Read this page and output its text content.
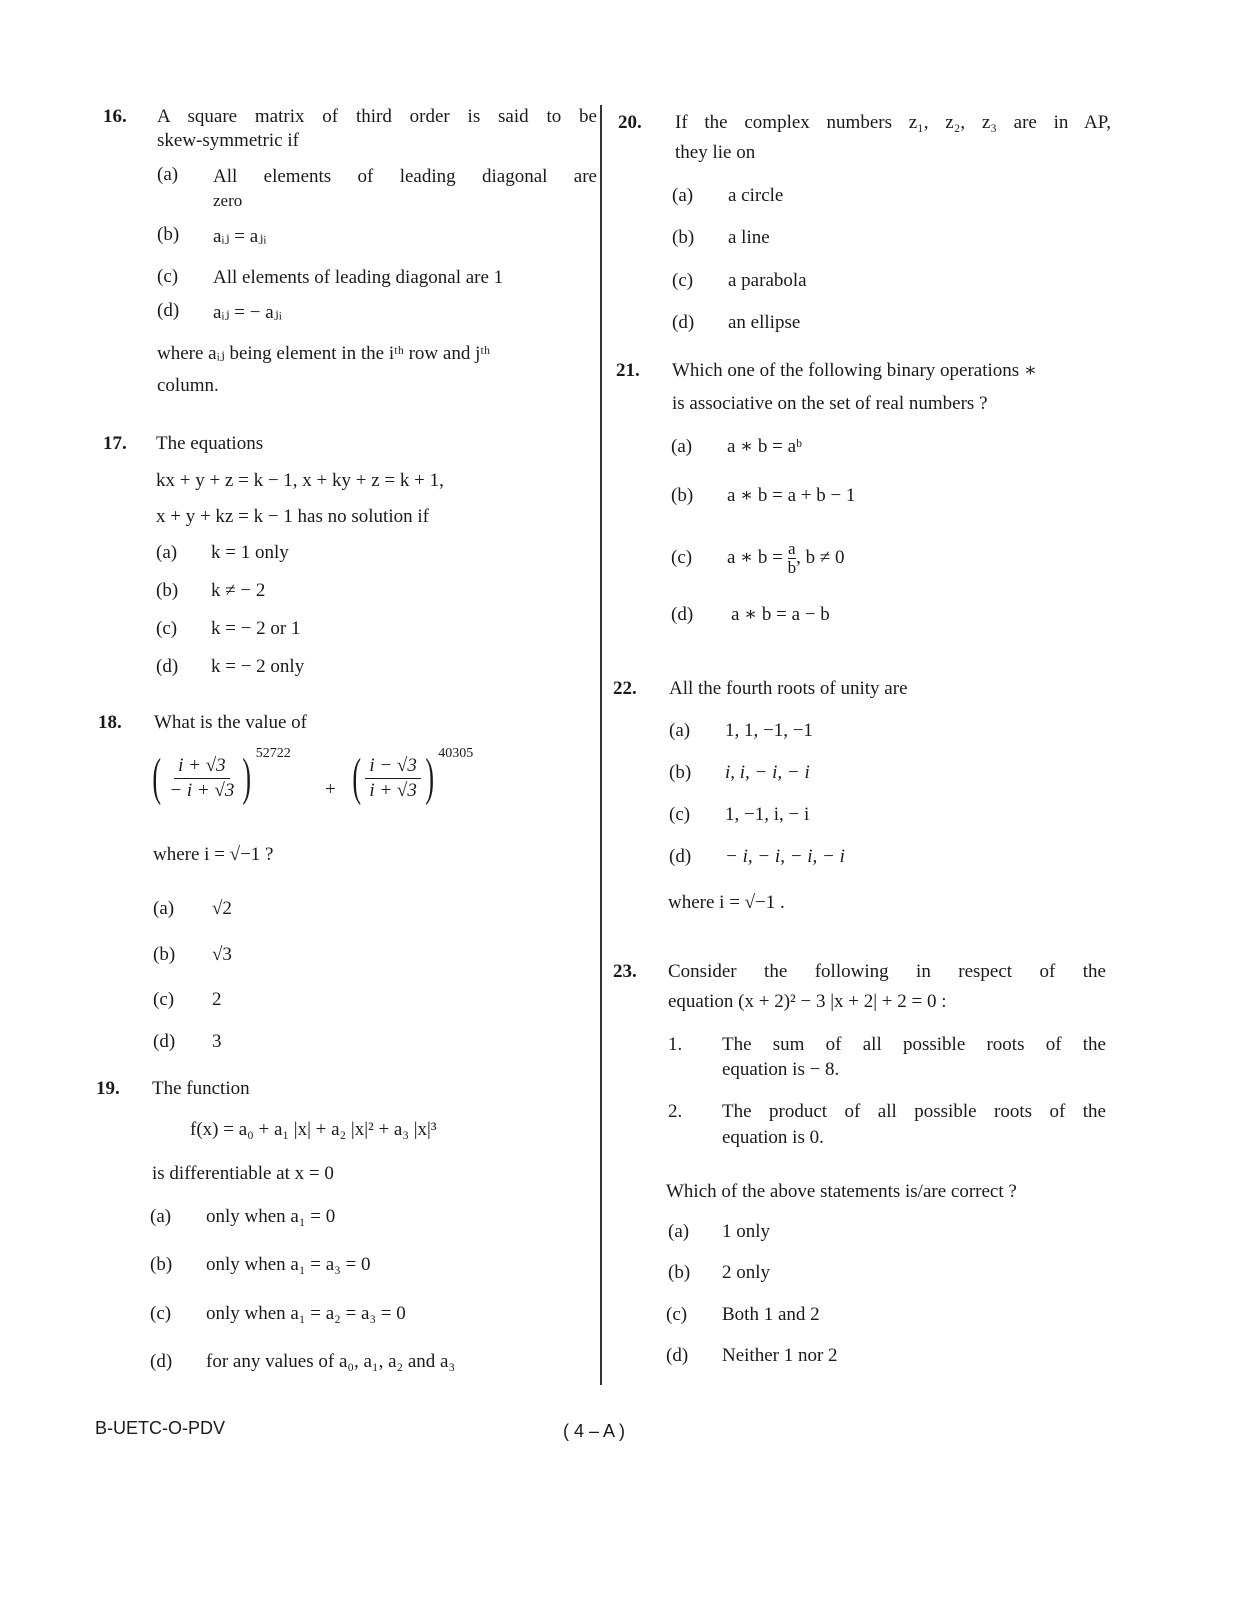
16. A square matrix of third order is said to be
skew-symmetric if
(a) All elements of leading diagonal are
zero
(b) aᵢⱼ = aⱼᵢ
(c) All elements of leading diagonal are 1
(d) aᵢⱼ = − aⱼᵢ
where aᵢⱼ being element in the iᵗʰ row and jᵗʰ
column.
17. The equations
kx + y + z = k − 1, x + ky + z = k + 1,
x + y + kz = k − 1 has no solution if
(a) k = 1 only
(b) k ≠ − 2
(c) k = − 2 or 1
(d) k = − 2 only
18. What is the value of
( $\frac{i + √3}{- i + √3}$ ) 52722
+ ( $\frac{i - √3}{i + √3}$ ) 40305
where i = √−1 ?
(a) √2
(b) √3
(c) 2
(d) 3
19. The function
f(x) = a₀ + a₁ |x| + a₂ |x|² + a₃ |x|³
is differentiable at x = 0
(a) only when a₁ = 0
(b) only when a₁ = a₃ = 0
(c) only when a₁ = a₂ = a₃ = 0
(d) for any values of a₀, a₁, a₂ and a₃
20. If the complex numbers z₁, z₂, z₃ are in AP,
they lie on
(a) a circle
(b) a line
(c) a parabola
(d) an ellipse
21. Which one of the following binary operations ∗
is associative on the set of real numbers ?
(a) a ∗ b = aᵇ
(b) a ∗ b = a + b − 1
(c) a ∗ $b = \frac{a}{b}$ , b ≠ 0
(d) a ∗ b = a − b
22. All the fourth roots of unity are
(a) 1, 1, −1, −1
(b) i, i, − i, − i
(c) 1, −1, i, − i
(d) − i, − i, − i, − i
where i = √−1 .
23. Consider the following in respect of the
equation (x + 2)² − 3 |x + 2| + 2 = 0 :
1. The sum of all possible roots of the
equation is − 8.
2. The product of all possible roots of the
equation is 0.
Which of the above statements is/are correct ?
(a) 1 only
(b) 2 only
(c) Both 1 and 2
(d) Neither 1 nor 2
B-UETC-O-PDV	( 4 – A )
